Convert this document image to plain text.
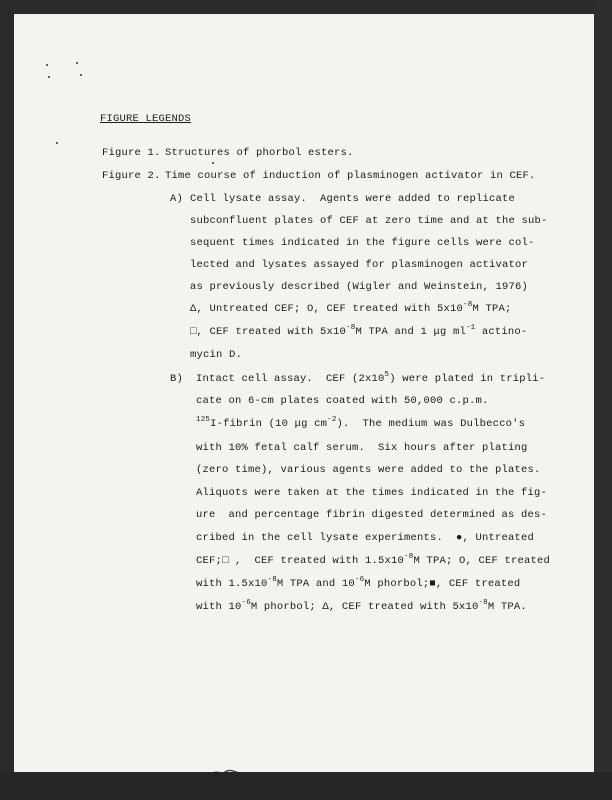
FIGURE LEGENDS
Figure 1. Structures of phorbol esters.
Figure 2. Time course of induction of plasminogen activator in CEF.
A) Cell lysate assay.  Agents were added to replicate
subconfluent plates of CEF at zero time and at the sub-
sequent times indicated in the figure cells were col-
lected and lysates assayed for plasminogen activator
as previously described (Wigler and Weinstein, 1976)
Δ, Untreated CEF; O, CEF treated with $5x10^{-8}M$ TPA;
□, CEF treated with $5x10^{-8}M$ TPA and 1 μg $ml^{-1}$ actino-
mycin D.
B) Intact cell assay.  CEF $(2x10^5)$ were plated in tripli-
cate on 6-cm plates coated with 50,000 c.p.m.
$^{125}$I-fibrin (10 μg $cm^{-2}$).  The medium was Dulbecco's
with 10% fetal calf serum.  Six hours after plating
(zero time), various agents were added to the plates.
Aliquots were taken at the times indicated in the fig-
ure  and percentage fibrin digested determined as des-
cribed in the cell lysate experiments.  ●, Untreated
CEF;□ ,  CEF treated with $1.5x10^{-8}M$ TPA; O, CEF treated
with $1.5x10^{-8}M$ TPA and $10^{-6}M$ phorbol;■, CEF treated
with $10^{-6}M$ phorbol; Δ, CEF treated with $5x10^{-8}M$ TPA.
